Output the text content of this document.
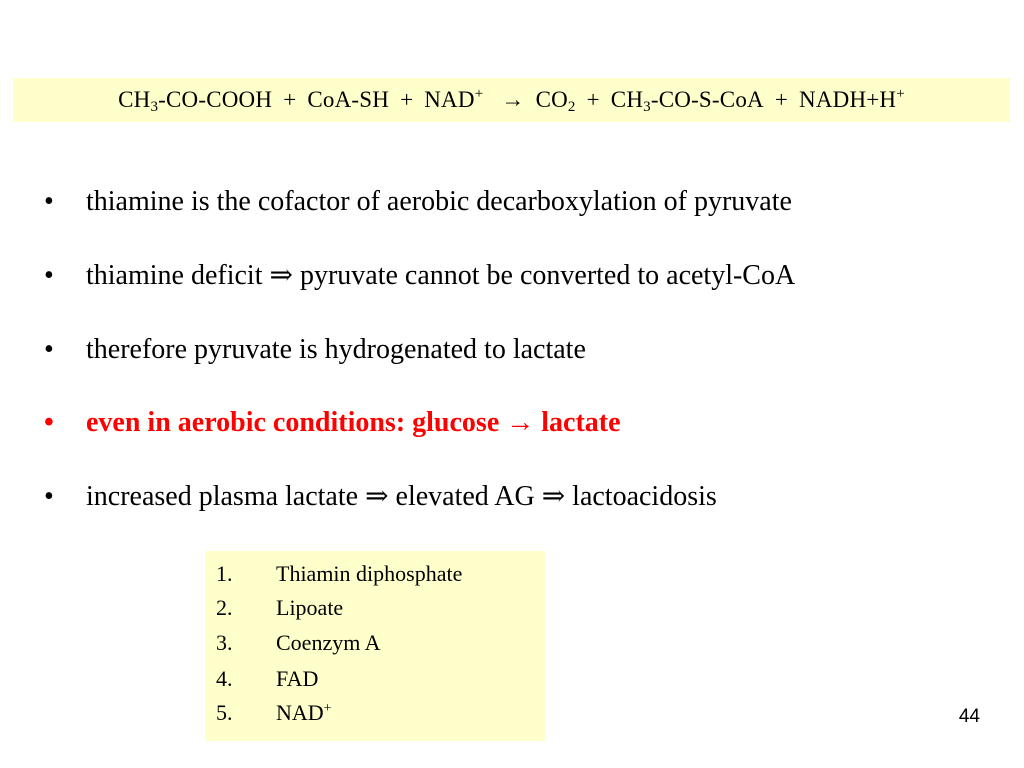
$CH_3-CO$-COOH + $CoA-SH + NAD^+ \to CO_2 + CH_3-CO-S-CoA$ + NADH+H+
•	thiamine is the cofactor of aerobic decarboxylation of pyruvate
•	thiamine deficit ⇒ pyruvate cannot be converted to acetyl-CoA
•	therefore pyruvate is hydrogenated to lactate
•	even in aerobic conditions: glucose → lactate
•	increased plasma lactate ⇒ elevated AG ⇒ lactoacidosis
1.	Thiamin diphosphate
2.	Lipoate
3.	Coenzym A
4.	FAD
5.	NAD+	44
